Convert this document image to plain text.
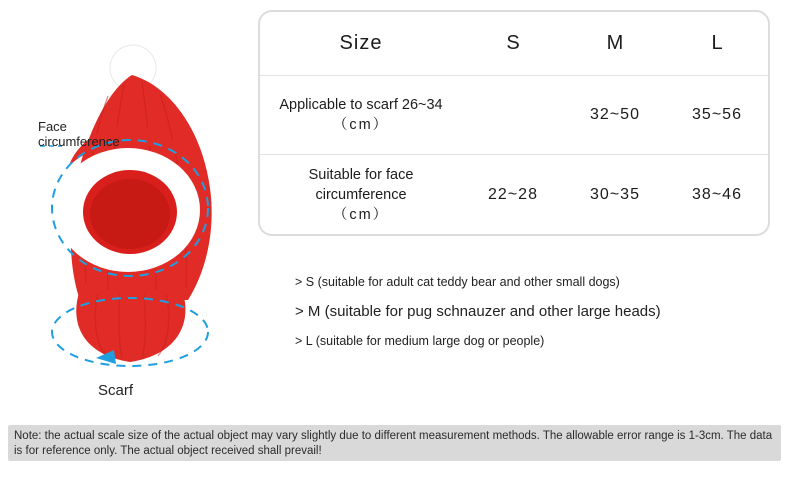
Face circumference
Scarf
Size	S	M	L
Applicable to scarf 26~34
（cm）		32~50	35~56
Suitable for face circumference
（cm）	22~28	30~35	38~46
> S (suitable for adult cat teddy bear and other small dogs)
> M (suitable for pug schnauzer and other large heads)
> L (suitable for medium large dog or people)
Note: the actual scale size of the actual object may vary slightly due to different measurement methods. The allowable error range is 1-3cm. The data is for reference only. The actual object received shall prevail!
